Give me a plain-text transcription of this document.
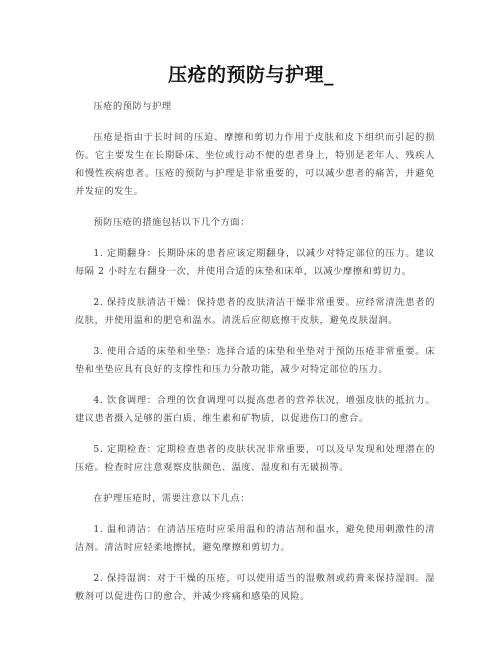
压疮的预防与护理_

压疮的预防与护理

压疮是指由于长时间的压迫、摩擦和剪切力作用于皮肤和皮下组织而引起的损伤。它主要发生在长期卧床、坐位或行动不便的患者身上，特别是老年人、残疾人和慢性疾病患者。压疮的预防与护理是非常重要的，可以减少患者的痛苦，并避免并发症的发生。

预防压疮的措施包括以下几个方面：

1. 定期翻身：长期卧床的患者应该定期翻身，以减少对特定部位的压力。建议每隔 2 小时左右翻身一次，并使用合适的床垫和床单，以减少摩擦和剪切力。

2. 保持皮肤清洁干燥：保持患者的皮肤清洁干燥非常重要。应经常清洗患者的皮肤，并使用温和的肥皂和温水。清洗后应彻底擦干皮肤，避免皮肤湿润。

3. 使用合适的床垫和坐垫：选择合适的床垫和坐垫对于预防压疮非常重要。床垫和坐垫应具有良好的支撑性和压力分散功能，减少对特定部位的压力。

4. 饮食调理：合理的饮食调理可以提高患者的营养状况，增强皮肤的抵抗力。建议患者摄入足够的蛋白质、维生素和矿物质，以促进伤口的愈合。

5. 定期检查：定期检查患者的皮肤状况非常重要，可以及早发现和处理潜在的压疮。检查时应注意观察皮肤颜色、温度、湿度和有无破损等。

在护理压疮时，需要注意以下几点：

1. 温和清洁：在清洁压疮时应采用温和的清洁剂和温水，避免使用刺激性的清洁剂。清洁时应轻柔地擦拭，避免摩擦和剪切力。

2. 保持湿润：对于干燥的压疮，可以使用适当的湿敷剂或药膏来保持湿润。湿敷剂可以促进伤口的愈合，并减少疼痛和感染的风险。
